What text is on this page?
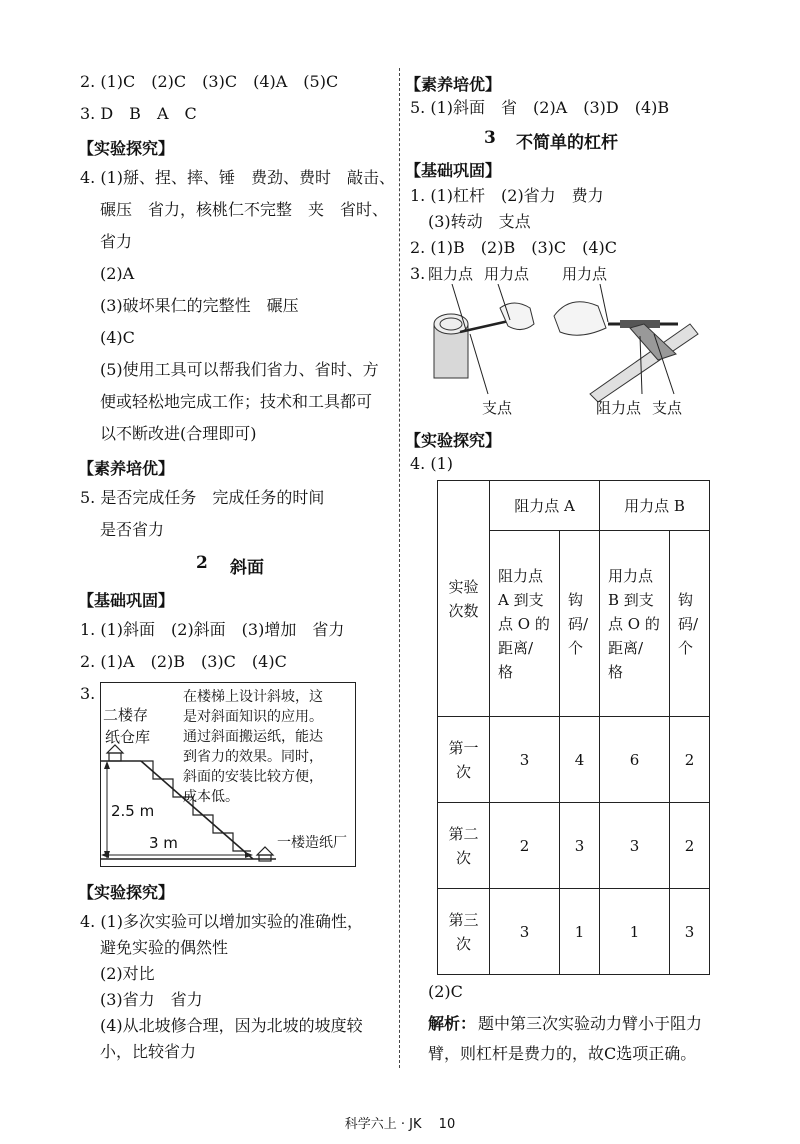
2. (1)C　(2)C　(3)C　(4)A　(5)C
3. D　B　A　C
【实验探究】
4. (1)掰、捏、摔、锤　费劲、费时　敲击、
碾压　省力，核桃仁不完整　夹　省时、
省力
(2)A
(3)破坏果仁的完整性　碾压
(4)C
(5)使用工具可以帮我们省力、省时、方
便或轻松地完成工作；技术和工具都可
以不断改进(合理即可)
【素养培优】
5. 是否完成任务　完成任务的时间
是否省力
2 斜面
【基础巩固】
1. (1)斜面　(2)斜面　(3)增加　省力
2. (1)A　(2)B　(3)C　(4)C
3.
二楼存
纸仓库
在楼梯上设计斜坡，这
是对斜面知识的应用。
通过斜面搬运纸，能达
到省力的效果。同时，
斜面的安装比较方便，
成本低。
2.5 m
3 m	一楼造纸厂
【实验探究】
4. (1)多次实验可以增加实验的准确性，
避免实验的偶然性
(2)对比
(3)省力　省力
(4)从北坡修合理，因为北坡的坡度较
小，比较省力
【素养培优】
5. (1)斜面　省　(2)A　(3)D　(4)B
3 不简单的杠杆
【基础巩固】
1. (1)杠杆　(2)省力　费力
(3)转动　支点
2. (1)B　(2)B　(3)C　(4)C
3. 阻力点 用力点 用力点
支点	阻力点 支点
【实验探究】
4. (1)
实验
次数	阻力点 A		用力点 B	
	阻力点
A 到支
点 O 的
距离/
格	钩
码/
个	用力点
B 到支
点 O 的
距离/
格	钩
码/
个
第一
次	3	4	6	2
第二
次	2	3	3	2
第三
次	3	1	1	3
(2)C
解析： 题中第三次实验动力臂小于阻力
臂，则杠杆是费力的，故C选项正确。
科学六上 · JK　 10
